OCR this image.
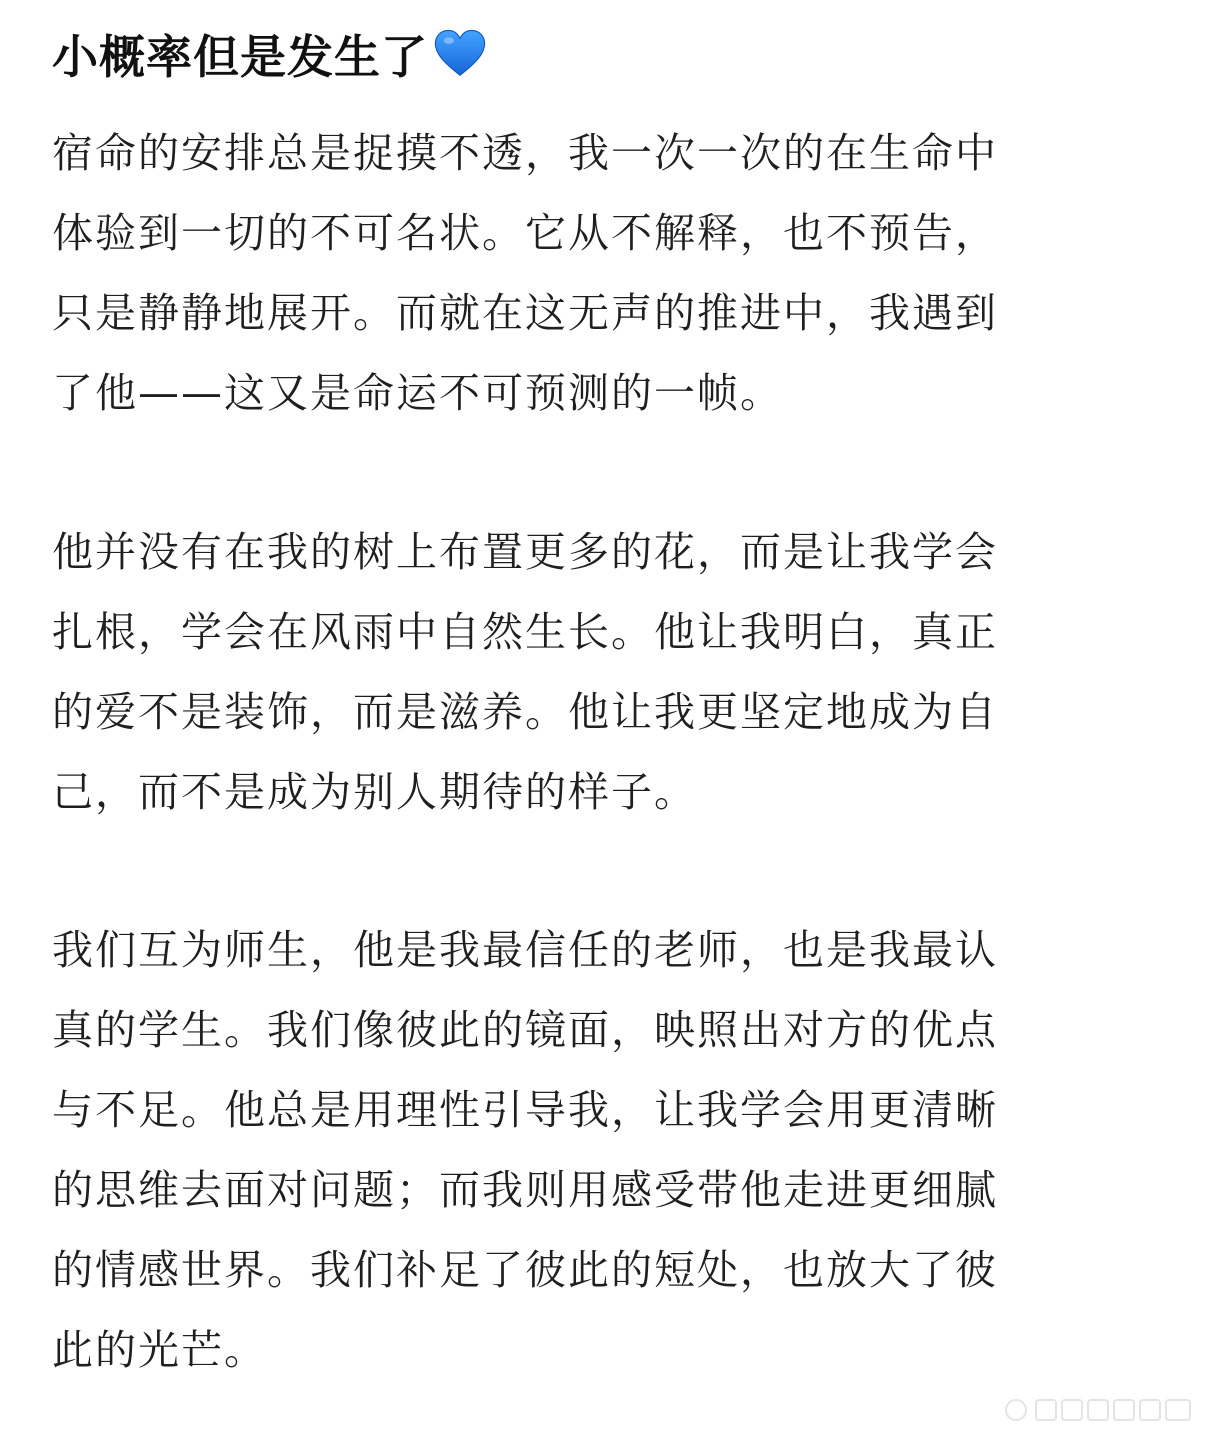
小概率但是发生了

宿命的安排总是捉摸不透，我一次一次的在生命中
体验到一切的不可名状。它从不解释，也不预告，
只是静静地展开。而就在这无声的推进中，我遇到
了他——这又是命运不可预测的一帧。

他并没有在我的树上布置更多的花，而是让我学会
扎根，学会在风雨中自然生长。他让我明白，真正
的爱不是装饰，而是滋养。他让我更坚定地成为自
己，而不是成为别人期待的样子。

我们互为师生，他是我最信任的老师，也是我最认
真的学生。我们像彼此的镜面，映照出对方的优点
与不足。他总是用理性引导我，让我学会用更清晰
的思维去面对问题；而我则用感受带他走进更细腻
的情感世界。我们补足了彼此的短处，也放大了彼
此的光芒。
